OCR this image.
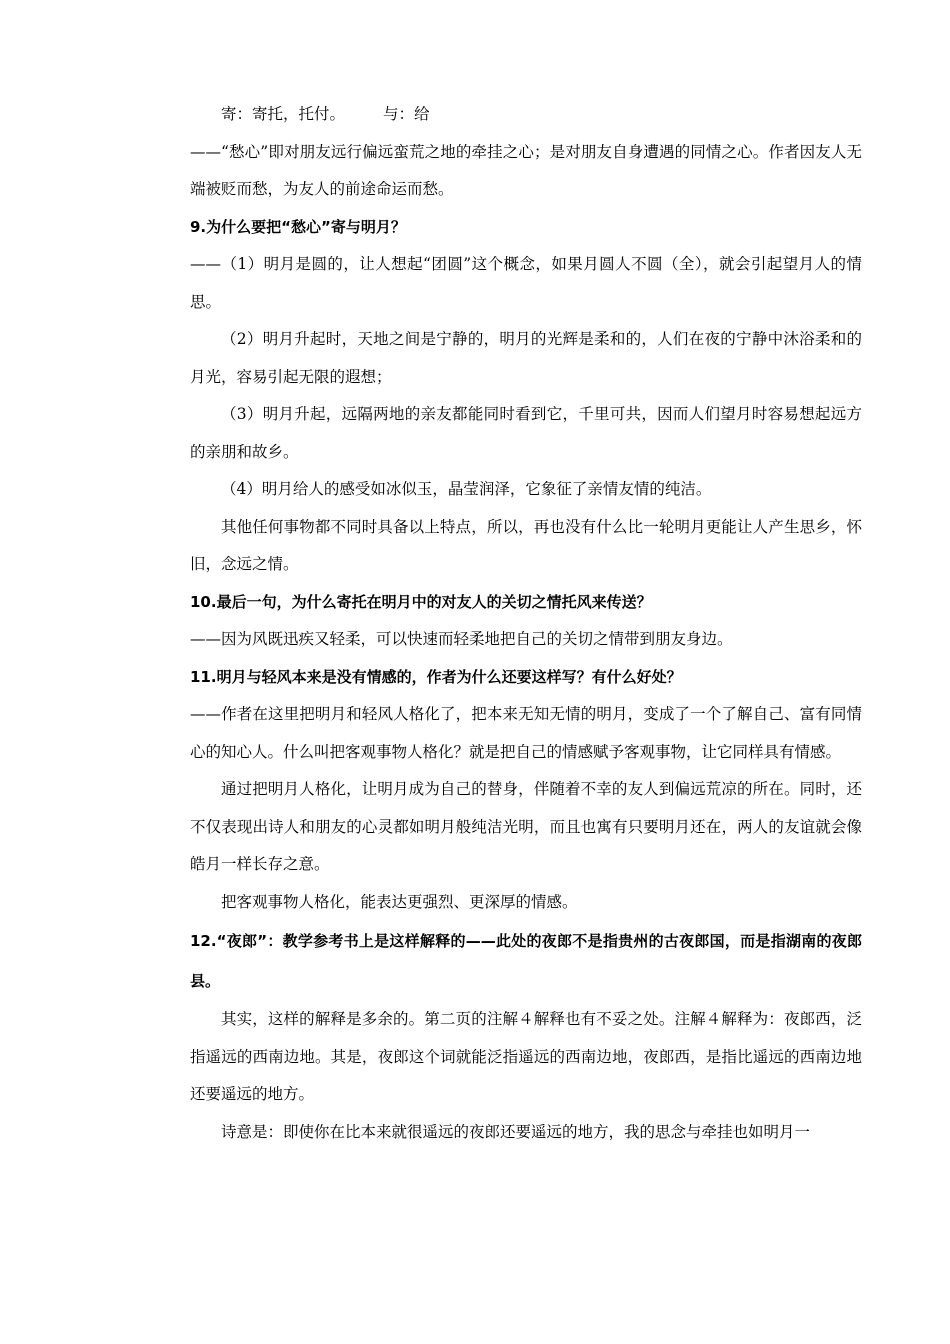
寄：寄托，托付。 与：给

——“愁心”即对朋友远行偏远蛮荒之地的牵挂之心；是对朋友自身遭遇的同情之心。作者因友人无端被贬而愁，为友人的前途命运而愁。

9.为什么要把“愁心”寄与明月？

——（1）明月是圆的，让人想起“团圆”这个概念，如果月圆人不圆（全），就会引起望月人的情思。

（2）明月升起时，天地之间是宁静的，明月的光辉是柔和的，人们在夜的宁静中沐浴柔和的月光，容易引起无限的遐想；

（3）明月升起，远隔两地的亲友都能同时看到它，千里可共，因而人们望月时容易想起远方的亲朋和故乡。

（4）明月给人的感受如冰似玉，晶莹润泽，它象征了亲情友情的纯洁。

其他任何事物都不同时具备以上特点，所以，再也没有什么比一轮明月更能让人产生思乡，怀旧，念远之情。

10.最后一句，为什么寄托在明月中的对友人的关切之情托风来传送？

——因为风既迅疾又轻柔，可以快速而轻柔地把自己的关切之情带到朋友身边。

11.明月与轻风本来是没有情感的，作者为什么还要这样写？有什么好处？

——作者在这里把明月和轻风人格化了，把本来无知无情的明月，变成了一个了解自己、富有同情心的知心人。什么叫把客观事物人格化？就是把自己的情感赋予客观事物，让它同样具有情感。

通过把明月人格化，让明月成为自己的替身，伴随着不幸的友人到偏远荒凉的所在。同时，还不仅表现出诗人和朋友的心灵都如明月般纯洁光明，而且也寓有只要明月还在，两人的友谊就会像皓月一样长存之意。

把客观事物人格化，能表达更强烈、更深厚的情感。

12.“夜郎”：教学参考书上是这样解释的——此处的夜郎不是指贵州的古夜郎国，而是指湖南的夜郎县。

其实，这样的解释是多余的。第二页的注解４解释也有不妥之处。注解４解释为：夜郎西，泛指遥远的西南边地。其是，夜郎这个词就能泛指遥远的西南边地，夜郎西，是指比遥远的西南边地还要遥远的地方。

诗意是：即使你在比本来就很遥远的夜郎还要遥远的地方，我的思念与牵挂也如明月一
